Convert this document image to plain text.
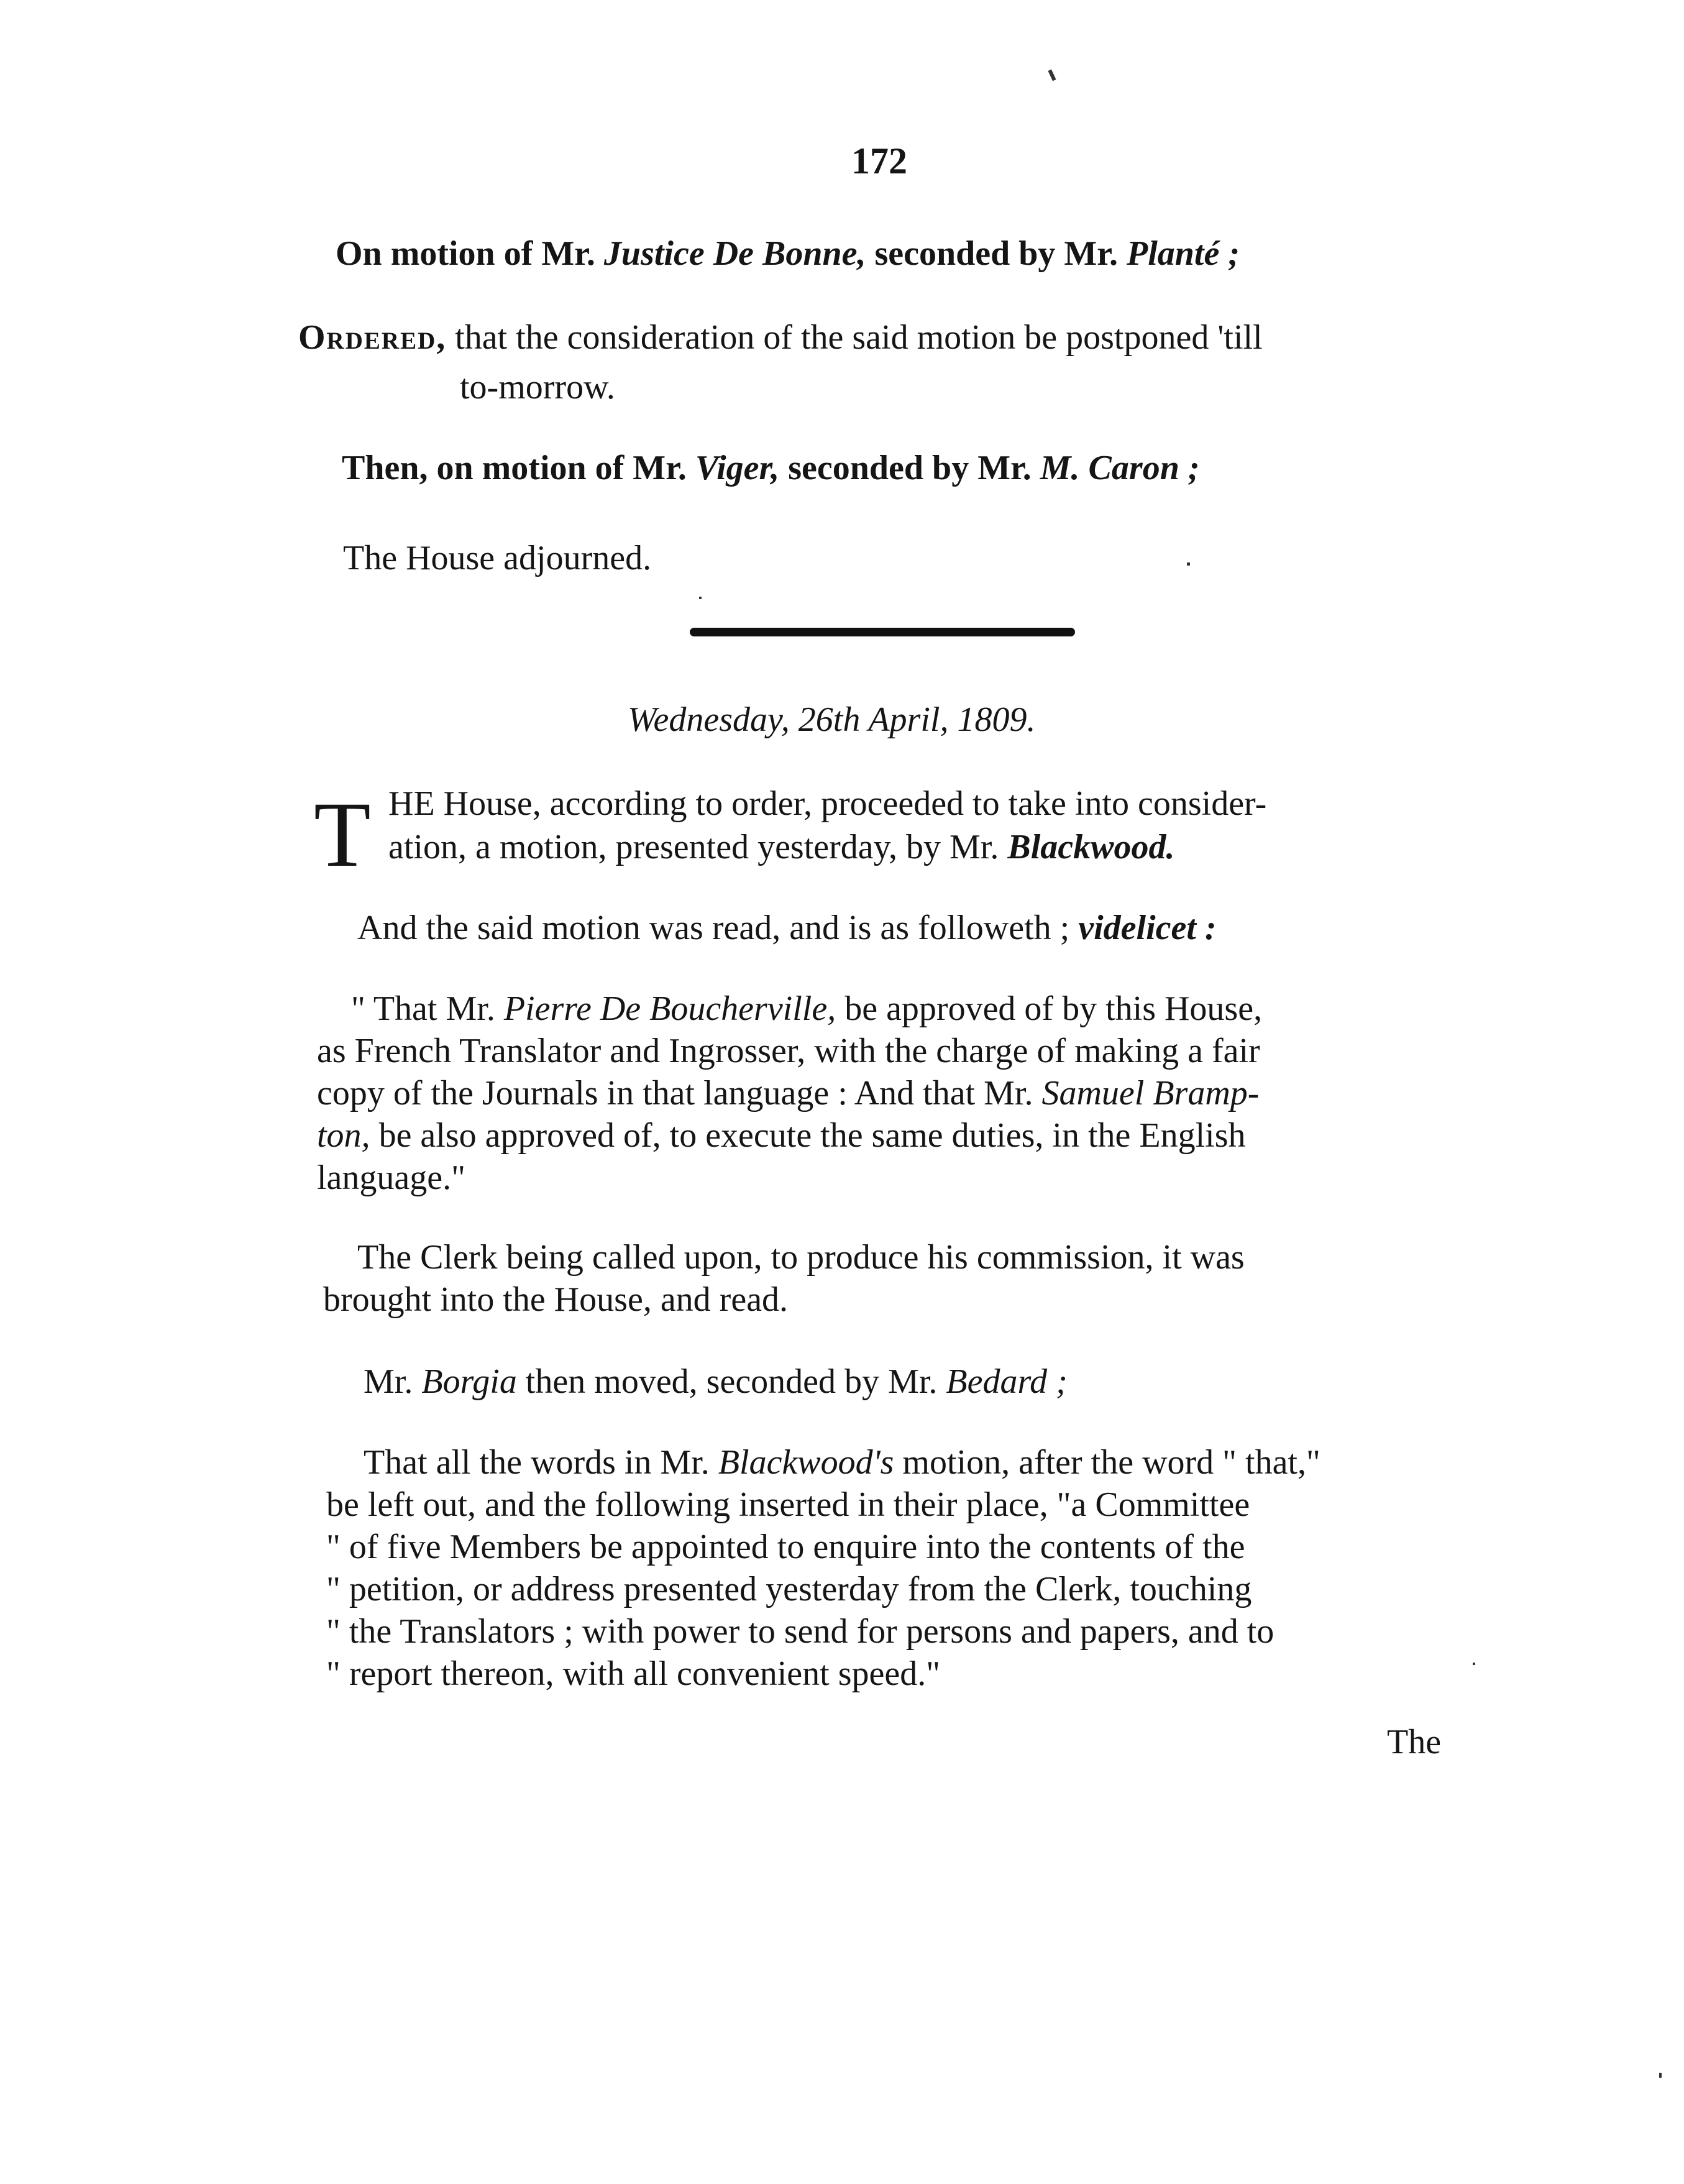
172
On motion of Mr. Justice De Bonne, seconded by Mr. Planté ;
Ordered, that the consideration of the said motion be postponed 'till
to-morrow.
Then, on motion of Mr. Viger, seconded by Mr. M. Caron ;
The House adjourned.
Wednesday, 26th April, 1809.
T HE House, according to order, proceeded to take into consider-
ation, a motion, presented yesterday, by Mr. Blackwood.
And the said motion was read, and is as followeth ; videlicet :
" That Mr. Pierre De Boucherville, be approved of by this House,
as French Translator and Ingrosser, with the charge of making a fair
copy of the Journals in that language : And that Mr. Samuel Bramp-
ton, be also approved of, to execute the same duties, in the English
language."
The Clerk being called upon, to produce his commission, it was
brought into the House, and read.
Mr. Borgia then moved, seconded by Mr. Bedard ;
That all the words in Mr. Blackwood's motion, after the word " that,"
be left out, and the following inserted in their place, "a Committee
" of five Members be appointed to enquire into the contents of the
" petition, or address presented yesterday from the Clerk, touching
" the Translators ; with power to send for persons and papers, and to
" report thereon, with all convenient speed."
The
